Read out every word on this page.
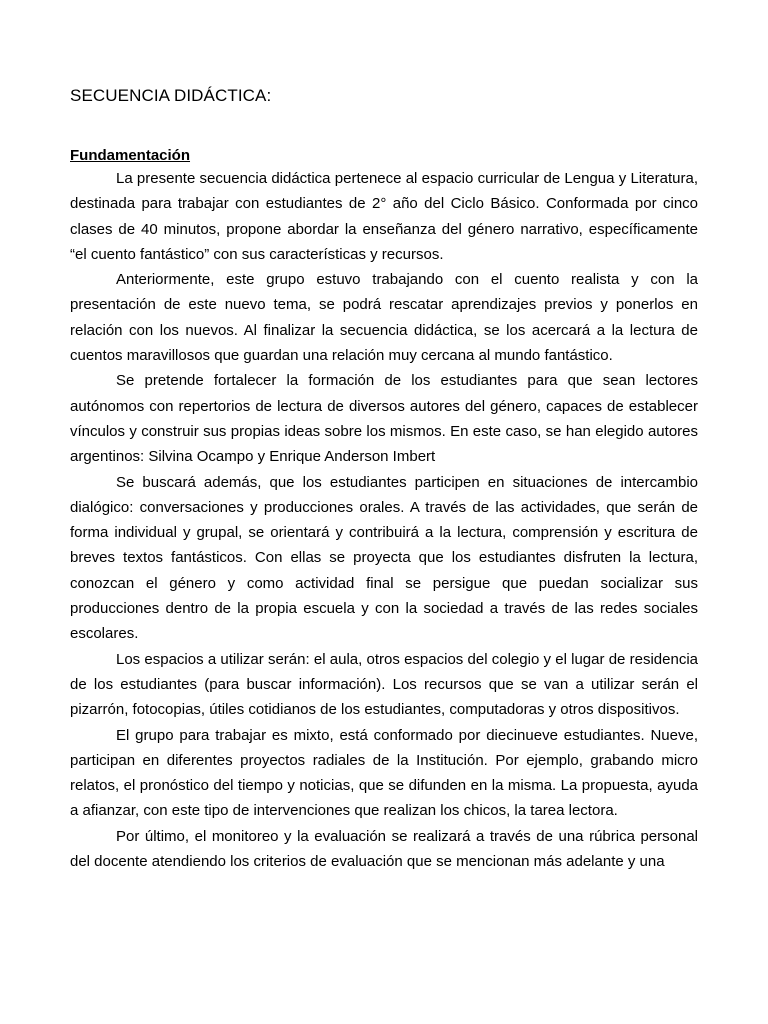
SECUENCIA DIDÁCTICA:
Fundamentación

La presente secuencia didáctica pertenece al espacio curricular de Lengua y Literatura, destinada para trabajar con estudiantes de 2° año del Ciclo Básico. Conformada por cinco clases de 40 minutos, propone abordar la enseñanza del género narrativo, específicamente “el cuento fantástico” con sus características y recursos.

Anteriormente, este grupo estuvo trabajando con el cuento realista y con la presentación de este nuevo tema, se podrá rescatar aprendizajes previos y ponerlos en relación con los nuevos. Al finalizar la secuencia didáctica, se los acercará a la lectura de cuentos maravillosos que guardan una relación muy cercana al mundo fantástico.

Se pretende fortalecer la formación de los estudiantes para que sean lectores autónomos con repertorios de lectura de diversos autores del género, capaces de establecer vínculos y construir sus propias ideas sobre los mismos. En este caso, se han elegido autores argentinos: Silvina Ocampo y Enrique Anderson Imbert

Se buscará además, que los estudiantes participen en situaciones de intercambio dialógico: conversaciones y producciones orales. A través de las actividades, que serán de forma individual y grupal, se orientará y contribuirá a la lectura, comprensión y escritura de breves textos fantásticos. Con ellas se proyecta que los estudiantes disfruten la lectura, conozcan el género y como actividad final se persigue que puedan socializar sus producciones dentro de la propia escuela y con la sociedad a través de las redes sociales escolares.

Los espacios a utilizar serán: el aula, otros espacios del colegio y el lugar de residencia de los estudiantes (para buscar información). Los recursos que se van a utilizar serán el pizarrón, fotocopias, útiles cotidianos de los estudiantes, computadoras y otros dispositivos.

El grupo para trabajar es mixto, está conformado por diecinueve estudiantes. Nueve, participan en diferentes proyectos radiales de la Institución. Por ejemplo, grabando micro relatos, el pronóstico del tiempo y noticias, que se difunden en la misma. La propuesta, ayuda a afianzar, con este tipo de intervenciones que realizan los chicos, la tarea lectora.

Por último, el monitoreo y la evaluación se realizará a través de una rúbrica personal del docente atendiendo los criterios de evaluación que se mencionan más adelante y una
